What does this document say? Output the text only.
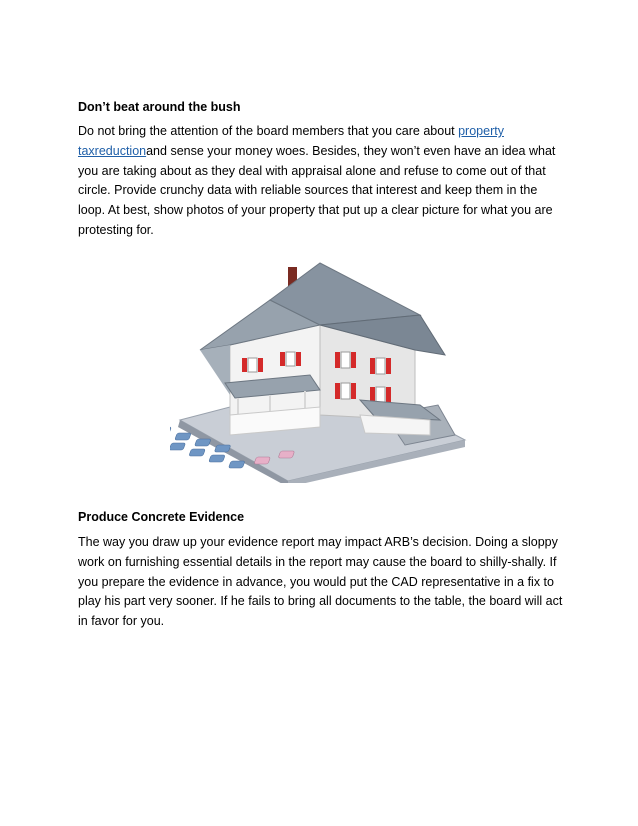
Don’t beat around the bush

Do not bring the attention of the board members that you care about property taxreductionand sense your money woes. Besides, they won’t even have an idea what you are taking about as they deal with appraisal alone and refuse to come out of that circle. Provide crunchy data with reliable sources that interest and keep them in the loop. At best, show photos of your property that put up a clear picture for what you are protesting for.

Produce Concrete Evidence

The way you draw up your evidence report may impact ARB’s decision. Doing a sloppy work on furnishing essential details in the report may cause the board to shilly-shally. If you prepare the evidence in advance, you would put the CAD representative in a fix to play his part very sooner. If he fails to bring all documents to the table, the board will act in favor for you.
